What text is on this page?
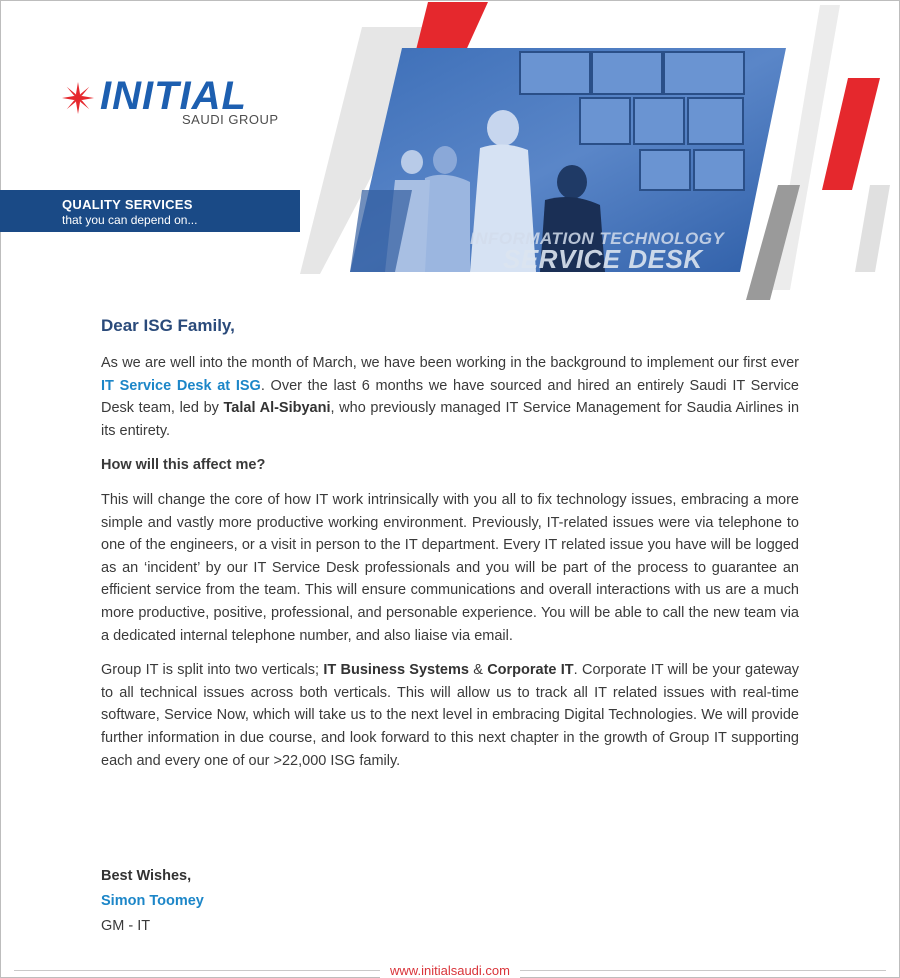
INITIAL
SAUDI GROUP
QUALITY SERVICES
that you can depend on...
INFORMATION TECHNOLOGY
SERVICE DESK
Dear ISG Family,

As we are well into the month of March, we have been working in the background to implement our first ever IT Service Desk at ISG. Over the last 6 months we have sourced and hired an entirely Saudi IT Service Desk team, led by Talal Al-Sibyani, who previously managed IT Service Management for Saudia Airlines in its entirety.

How will this affect me?

This will change the core of how IT work intrinsically with you all to fix technology issues, embracing a more simple and vastly more productive working environment. Previously, IT-related issues were via telephone to one of the engineers, or a visit in person to the IT department. Every IT related issue you have will be logged as an ‘incident’ by our IT Service Desk professionals and you will be part of the process to guarantee an efficient service from the team. This will ensure communications and overall interactions with us are a much more productive, positive, professional, and personable experience. You will be able to call the new team via a dedicated internal telephone number, and also liaise via email.

Group IT is split into two verticals; IT Business Systems & Corporate IT. Corporate IT will be your gateway to all technical issues across both verticals. This will allow us to track all IT related issues with real-time software, Service Now, which will take us to the next level in embracing Digital Technologies. We will provide further information in due course, and look forward to this next chapter in the growth of Group IT supporting each and every one of our >22,000 ISG family.

Best Wishes,
Simon Toomey
GM - IT
www.initialsaudi.com
